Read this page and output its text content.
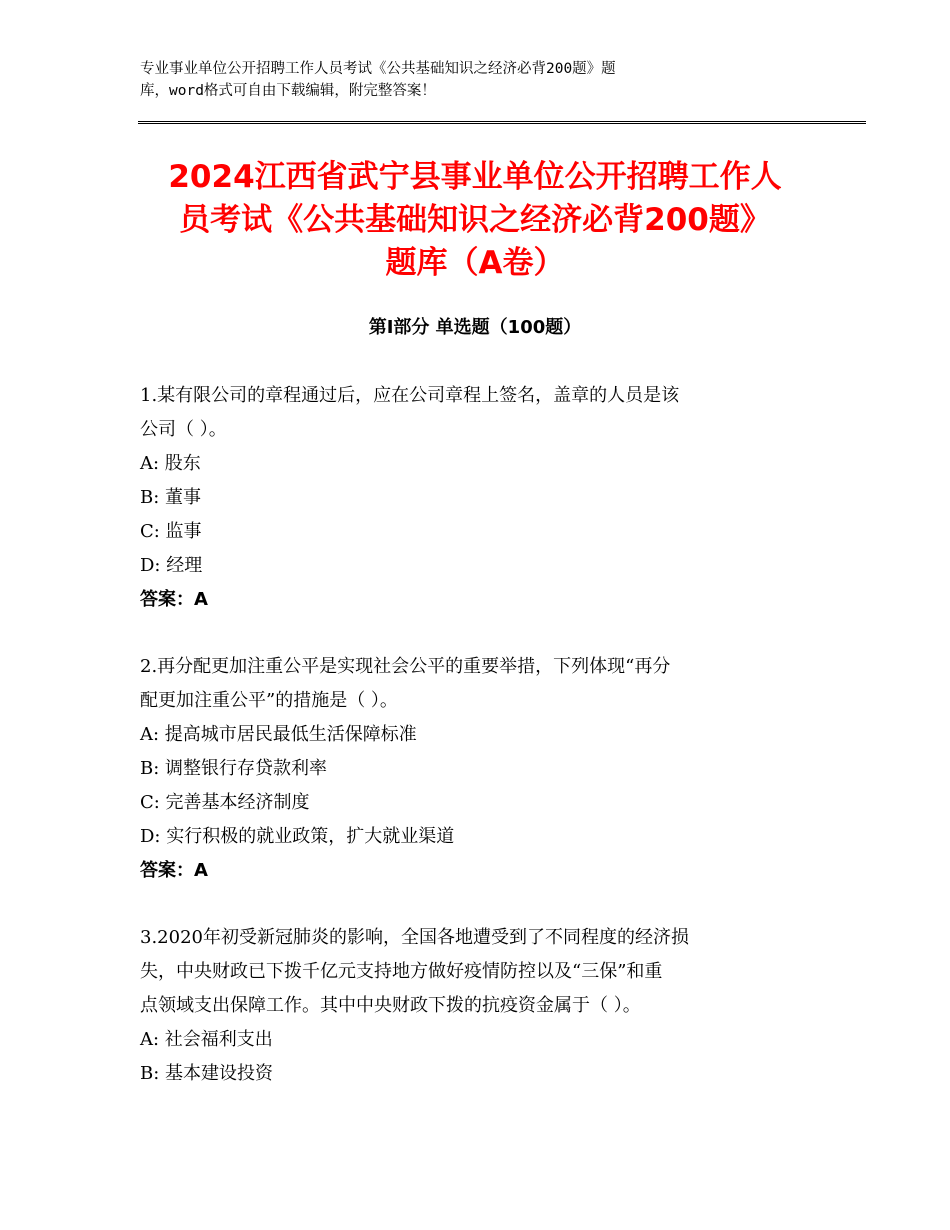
专业事业单位公开招聘工作人员考试《公共基础知识之经济必背200题》题
库，word格式可自由下载编辑，附完整答案！
2024江西省武宁县事业单位公开招聘工作人
员考试《公共基础知识之经济必背200题》
题库（A卷）
第Ⅰ部分 单选题（100题）

1.某有限公司的章程通过后，应在公司章程上签名，盖章的人员是该
公司（ ）。

A: 股东

B: 董事

C: 监事

D: 经理

答案：A

2.再分配更加注重公平是实现社会公平的重要举措，下列体现“再分
配更加注重公平”的措施是（ ）。

A: 提高城市居民最低生活保障标准

B: 调整银行存贷款利率

C: 完善基本经济制度

D: 实行积极的就业政策，扩大就业渠道

答案：A

3.2020年初受新冠肺炎的影响，全国各地遭受到了不同程度的经济损
失，中央财政已下拨千亿元支持地方做好疫情防控以及“三保”和重
点领域支出保障工作。其中中央财政下拨的抗疫资金属于（ ）。

A: 社会福利支出

B: 基本建设投资
